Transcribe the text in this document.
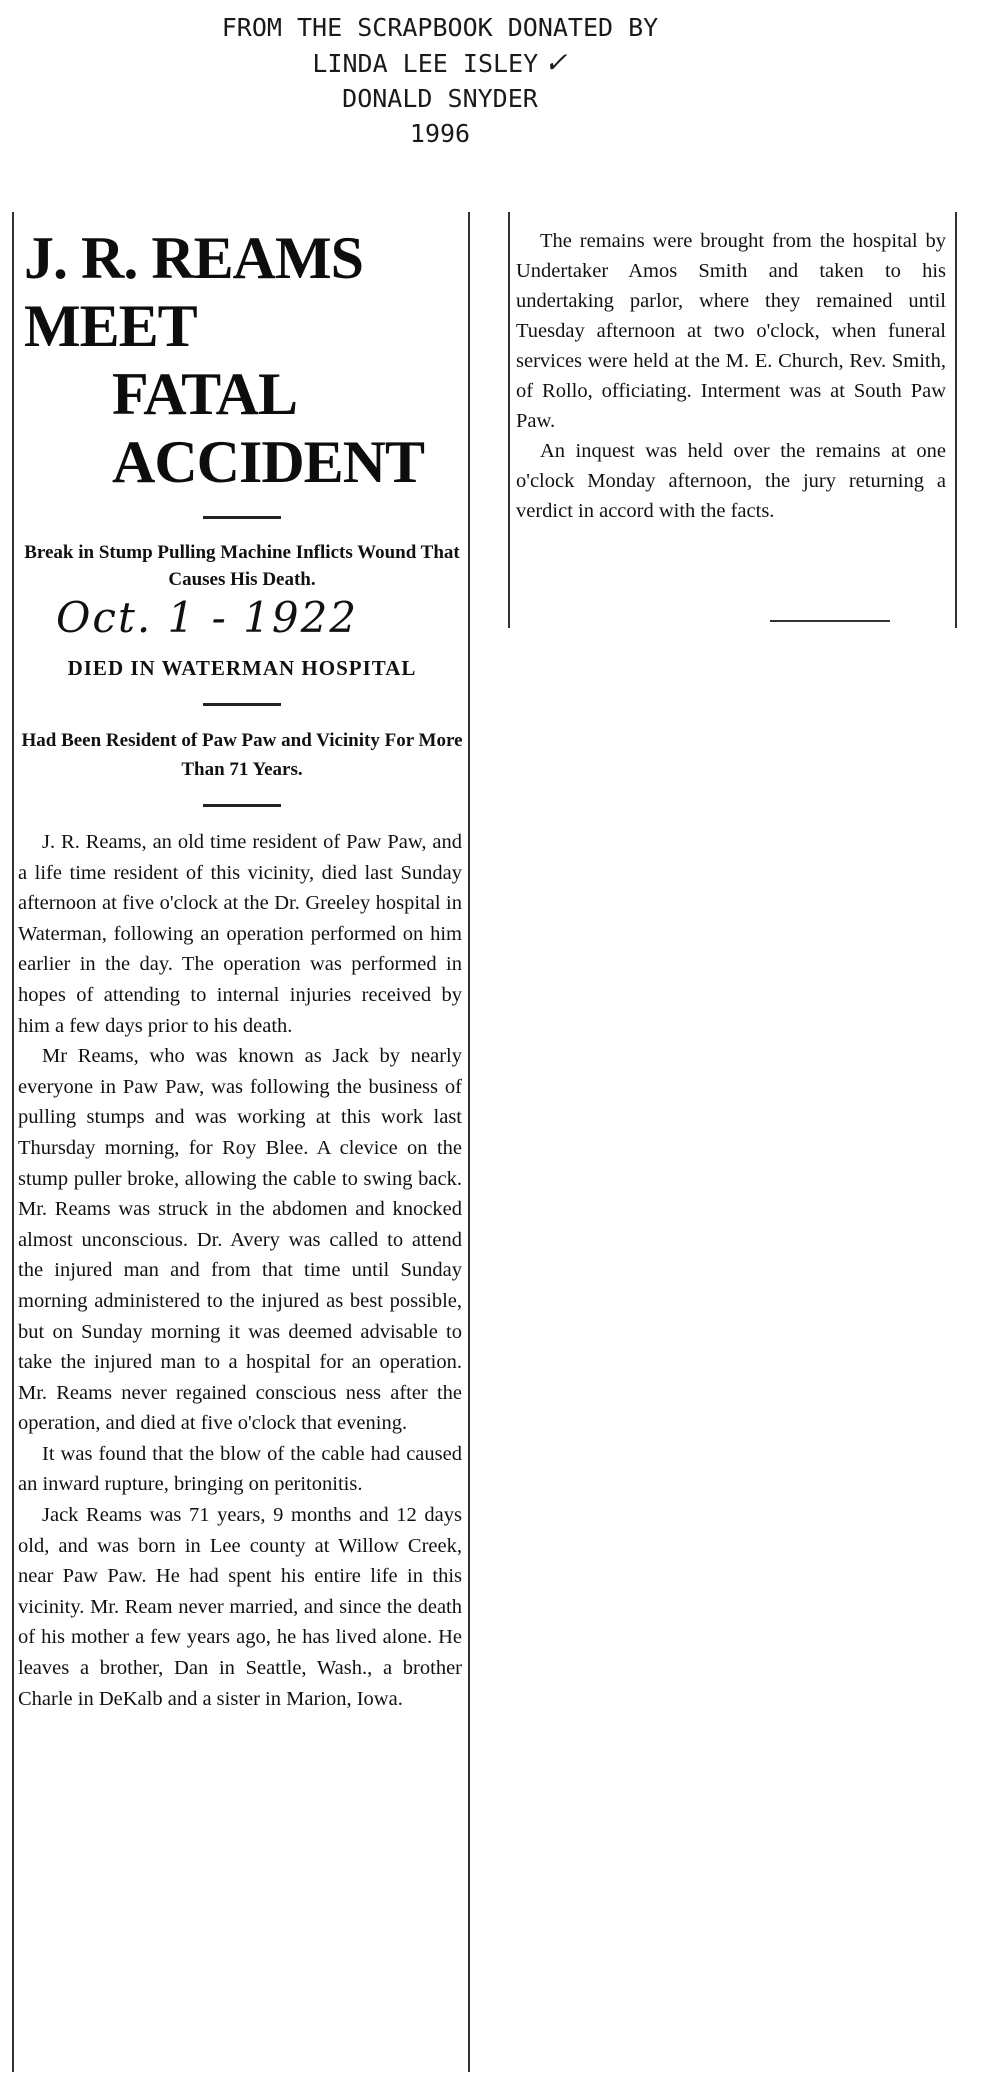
FROM THE SCRAPBOOK DONATED BY
LINDA LEE ISLEY ✓
DONALD SNYDER
1996
J. R. REAMS MEET
FATAL ACCIDENT
Break in Stump Pulling Machine Inflicts Wound That Causes His Death.
Oct. 1 - 1922
DIED IN WATERMAN HOSPITAL
Had Been Resident of Paw Paw and Vicinity For More Than 71 Years.

J. R. Reams, an old time resident of Paw Paw, and a life time resident of this vicinity, died last Sunday afternoon at five o'clock at the Dr. Greeley hospital in Waterman, following an operation performed on him earlier in the day. The operation was performed in hopes of attending to internal injuries received by him a few days prior to his death.

Mr Reams, who was known as Jack by nearly everyone in Paw Paw, was following the business of pulling stumps and was working at this work last Thursday morning, for Roy Blee. A clevice on the stump puller broke, allowing the cable to swing back. Mr. Reams was struck in the abdomen and knocked almost unconscious. Dr. Avery was called to attend the injured man and from that time until Sunday morning administered to the injured as best possible, but on Sunday morning it was deemed advisable to take the injured man to a hospital for an operation. Mr. Reams never regained conscious ness after the operation, and died at five o'clock that evening.

It was found that the blow of the cable had caused an inward rupture, bringing on peritonitis.

Jack Reams was 71 years, 9 months and 12 days old, and was born in Lee county at Willow Creek, near Paw Paw. He had spent his entire life in this vicinity. Mr. Ream never married, and since the death of his mother a few years ago, he has lived alone. He leaves a brother, Dan in Seattle, Wash., a brother Charle in DeKalb and a sister in Marion, Iowa.

The remains were brought from the hospital by Undertaker Amos Smith and taken to his undertaking parlor, where they remained until Tuesday afternoon at two o'clock, when funeral services were held at the M. E. Church, Rev. Smith, of Rollo, officiating. Interment was at South Paw Paw.

An inquest was held over the remains at one o'clock Monday afternoon, the jury returning a verdict in accord with the facts.
